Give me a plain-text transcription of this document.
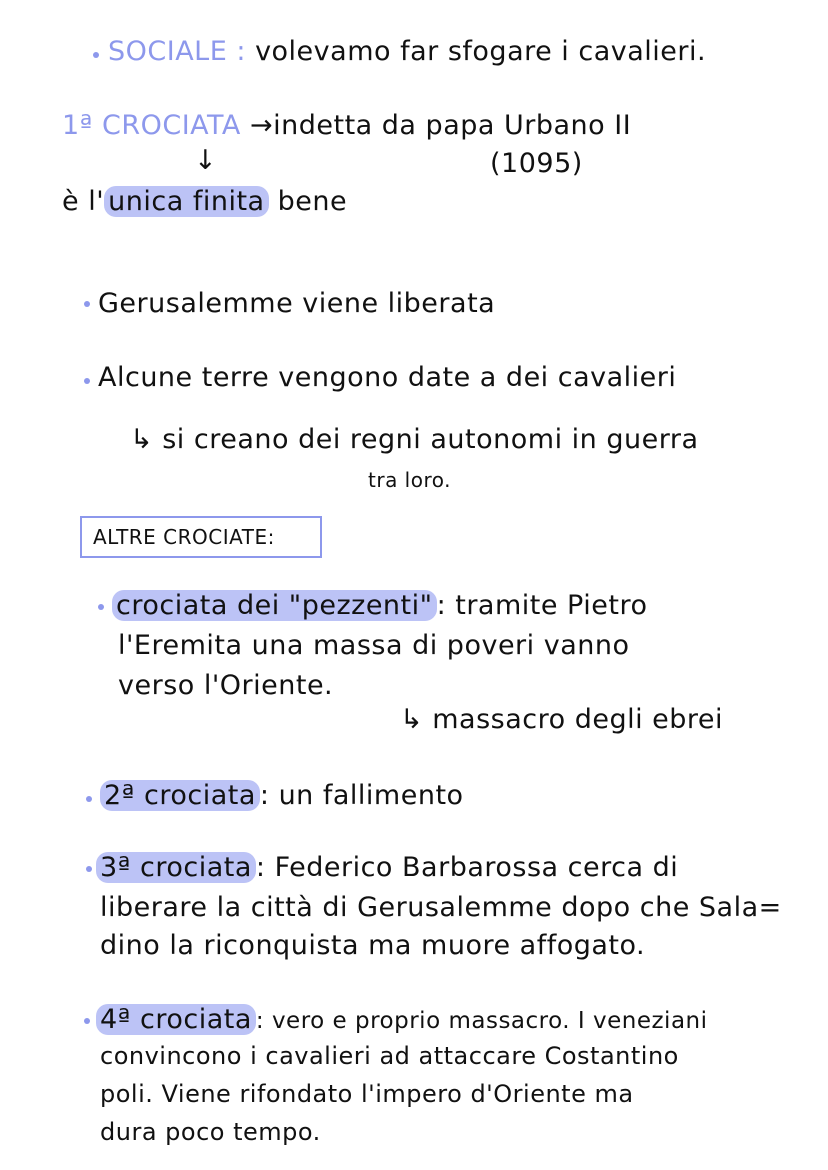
SOCIALE : volevamo far sfogare i cavalieri.
1ª CROCIATA →indetta da papa Urbano II
(1095)
↓
è l' unica finita bene
Gerusalemme viene liberata
Alcune terre vengono date a dei cavalieri
↳ si creano dei regni autonomi in guerra
tra loro.
ALTRE CROCIATE:
crociata dei "pezzenti" : tramite Pietro
l'Eremita una massa di poveri vanno
verso l'Oriente.
↳ massacro degli ebrei
2ª crociata : un fallimento
3ª crociata : Federico Barbarossa cerca di
liberare la città di Gerusalemme dopo che Sala=
dino la riconquista ma muore affogato.
4ª crociata : vero e proprio massacro. I veneziani
convincono i cavalieri ad attaccare Costantino
poli. Viene rifondato l'impero d'Oriente ma
dura poco tempo.
